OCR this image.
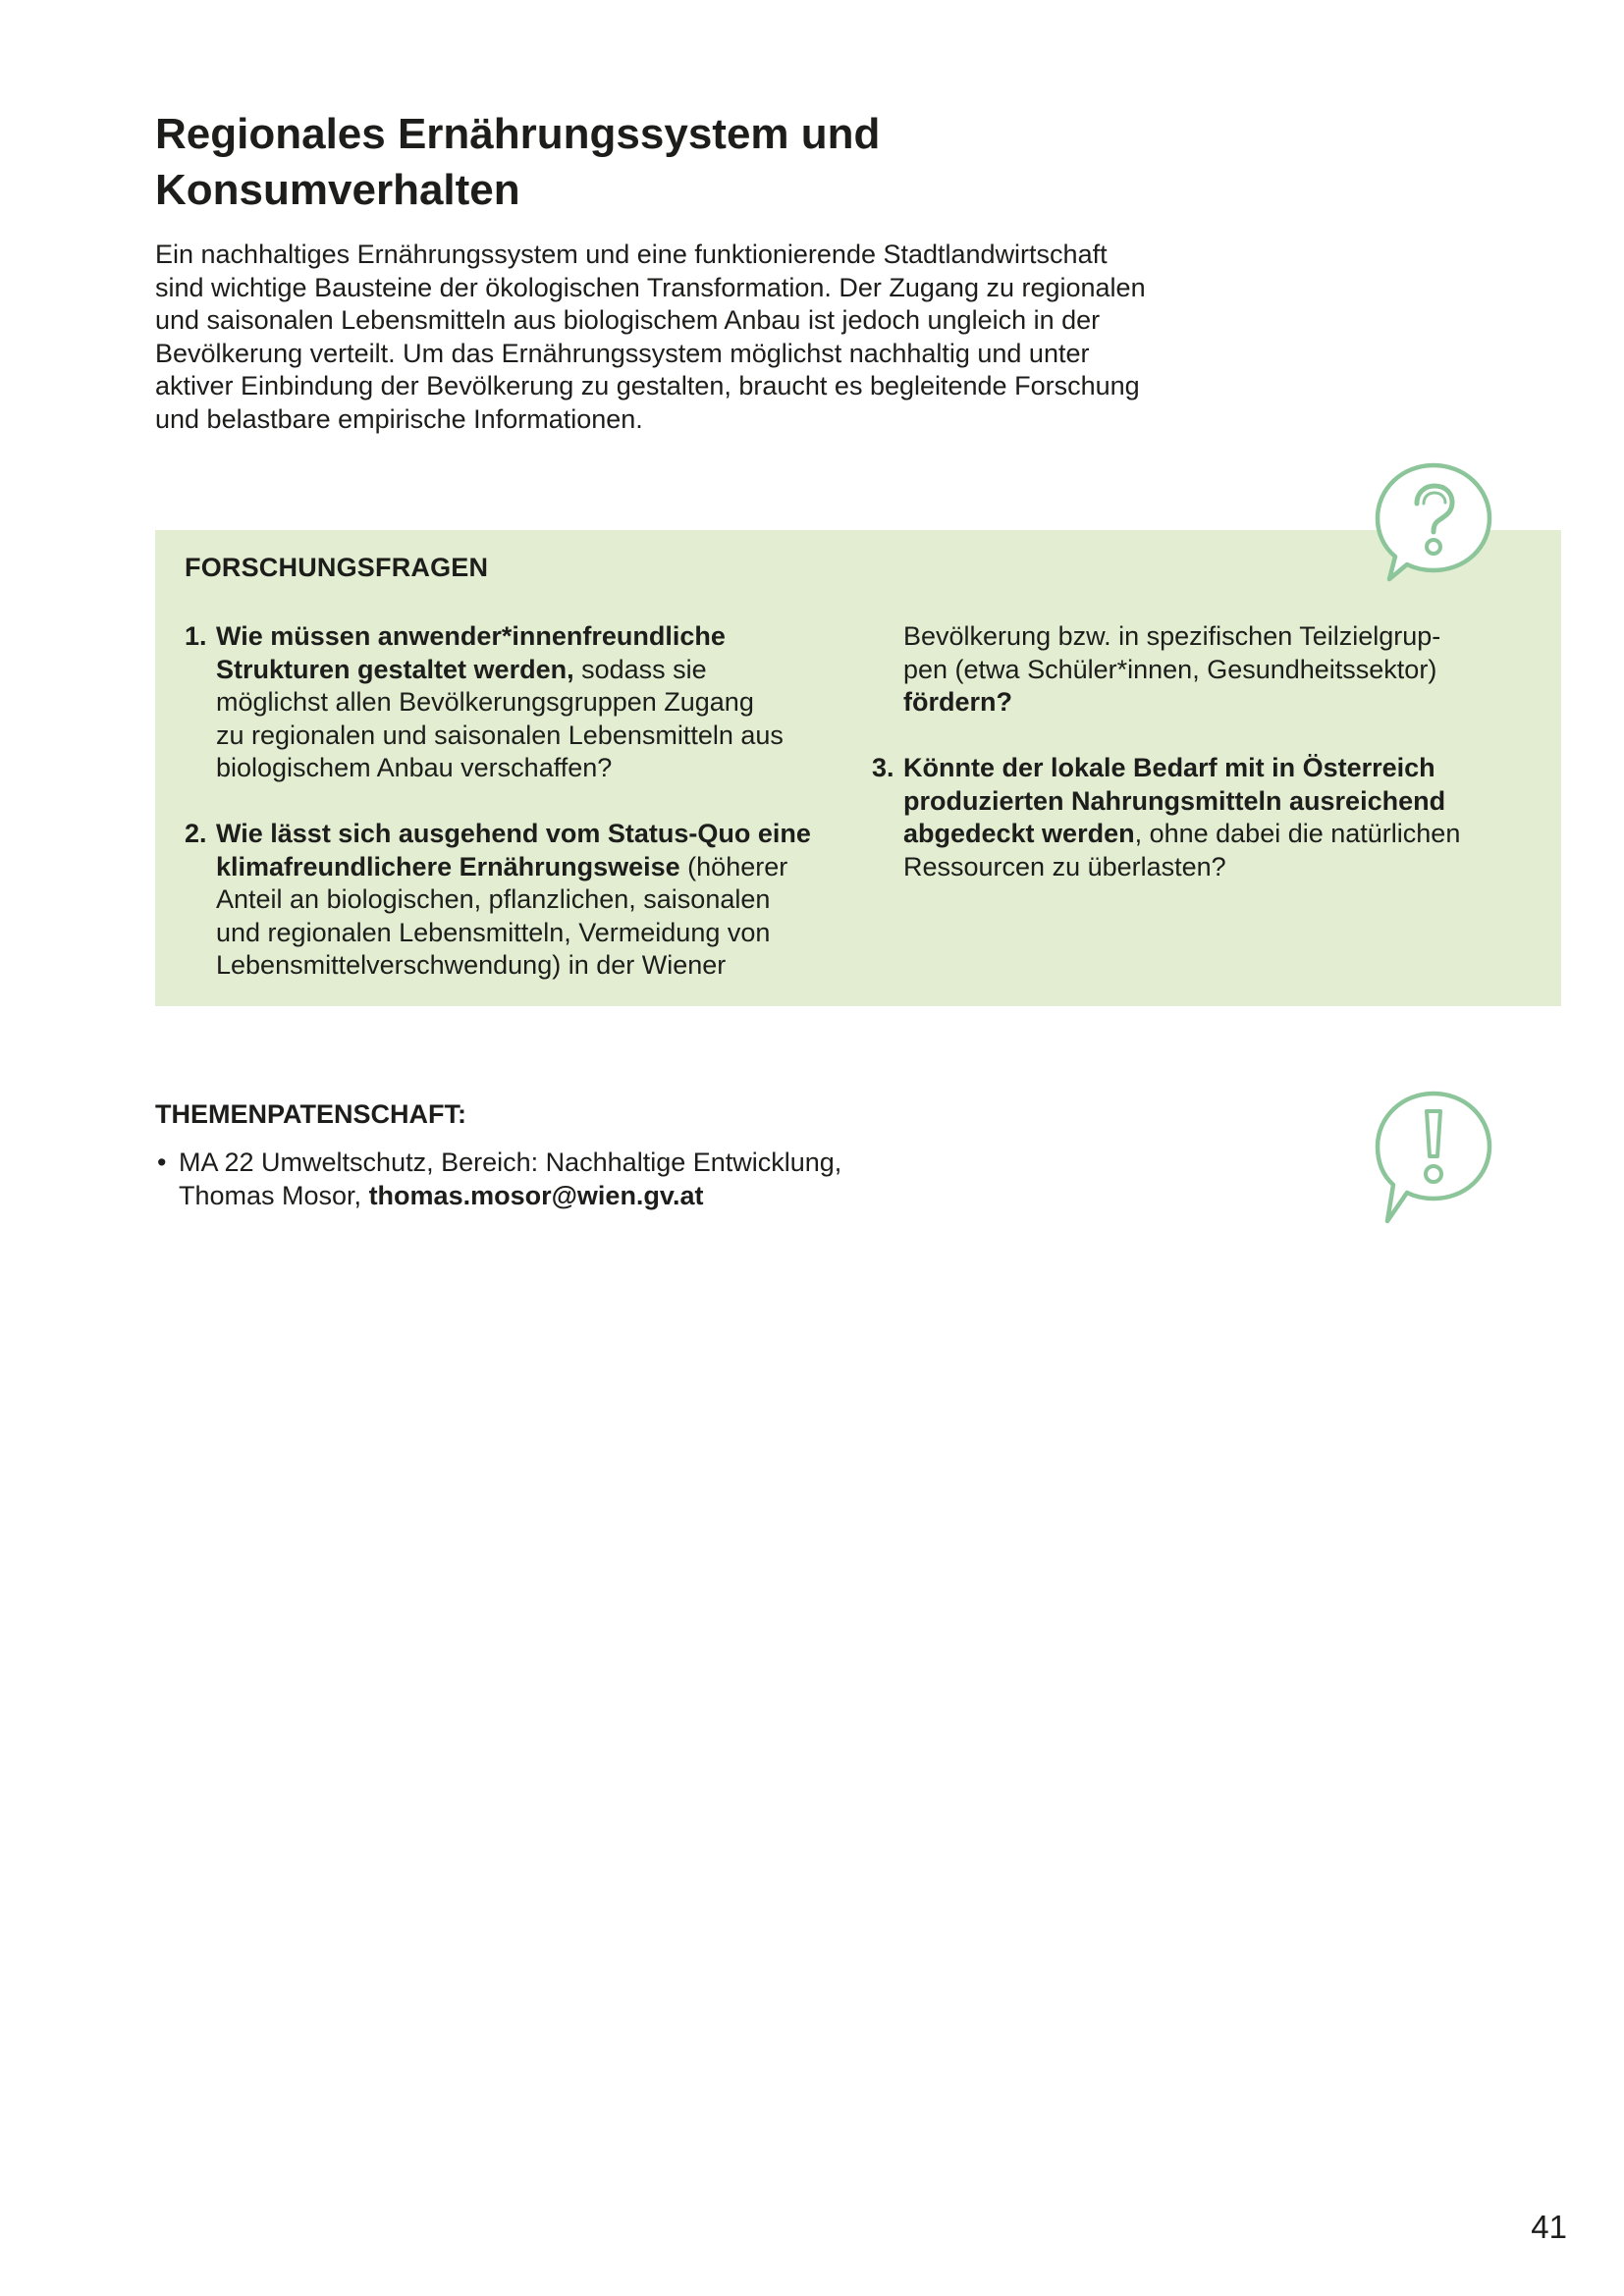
Regionales Ernährungssystem und
Konsumverhalten
Ein nachhaltiges Ernährungssystem und eine funktionierende Stadtlandwirtschaft
sind wichtige Bausteine der ökologischen Transformation. Der Zugang zu regionalen
und saisonalen Lebensmitteln aus biologischem Anbau ist jedoch ungleich in der
Bevölkerung verteilt. Um das Ernährungssystem möglichst nachhaltig und unter
aktiver Einbindung der Bevölkerung zu gestalten, braucht es begleitende Forschung
und belastbare empirische Informationen.
FORSCHUNGSFRAGEN
1. Wie müssen anwender*innenfreundliche
Strukturen gestaltet werden, sodass sie
möglichst allen Bevölkerungsgruppen Zugang
zu regionalen und saisonalen Lebensmitteln aus
biologischem Anbau verschaffen?
2. Wie lässt sich ausgehend vom Status-Quo eine
klimafreundlichere Ernährungsweise (höherer
Anteil an biologischen, pflanzlichen, saisonalen
und regionalen Lebensmitteln, Vermeidung von
Lebensmittelverschwendung) in der Wiener
Bevölkerung bzw. in spezifischen Teilzielgrup-
pen (etwa Schüler*innen, Gesundheitssektor)
fördern?
3. Könnte der lokale Bedarf mit in Österreich
produzierten Nahrungsmitteln ausreichend
abgedeckt werden, ohne dabei die natürlichen
Ressourcen zu überlasten?
THEMENPATENSCHAFT:
• MA 22 Umweltschutz, Bereich: Nachhaltige Entwicklung,
Thomas Mosor, thomas.mosor@wien.gv.at
41
